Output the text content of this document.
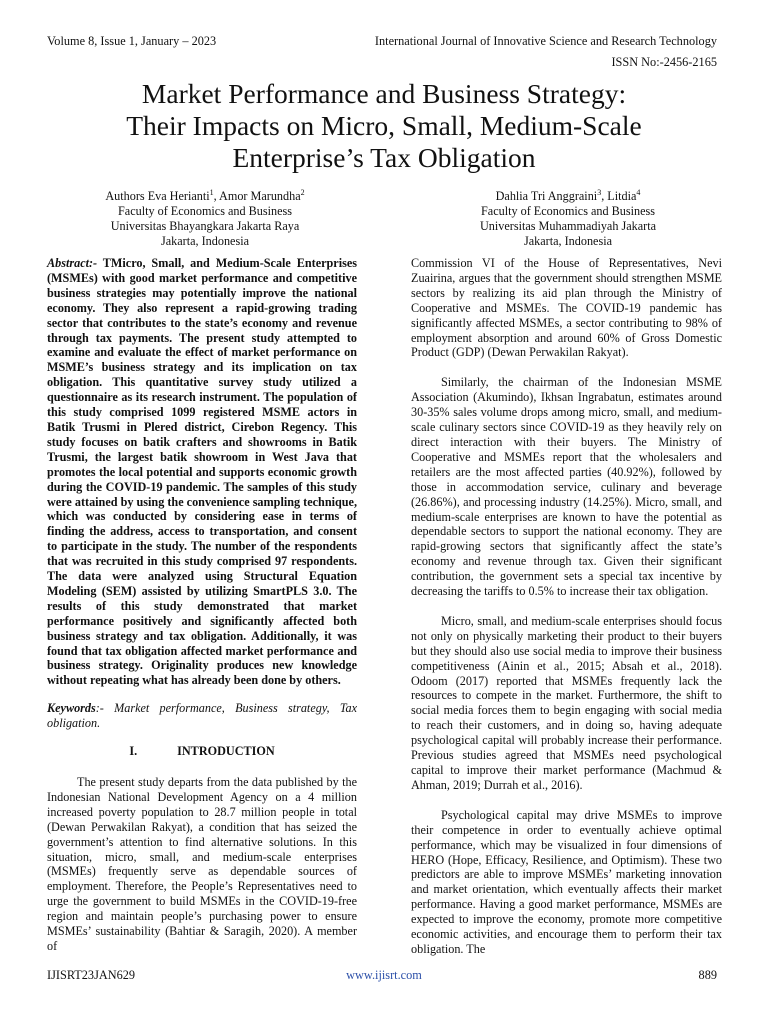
Volume 8, Issue 1, January – 2023	International Journal of Innovative Science and Research Technology
ISSN No:-2456-2165
Market Performance and Business Strategy:
Their Impacts on Micro, Small, Medium-Scale
Enterprise’s Tax Obligation
Authors Eva Herianti$^1$, Amor Marundha$^2$
Faculty of Economics and Business
Universitas Bhayangkara Jakarta Raya
Jakarta, Indonesia
Dahlia Tri Anggraini$^3$, Litdia$^4$
Faculty of Economics and Business
Universitas Muhammadiyah Jakarta
Jakarta, Indonesia

Abstract:- TMicro, Small, and Medium-Scale Enterprises (MSMEs) with good market performance and competitive business strategies may potentially improve the national economy. They also represent a rapid-growing trading sector that contributes to the state’s economy and revenue through tax payments. The present study attempted to examine and evaluate the effect of market performance on MSME’s business strategy and its implication on tax obligation. This quantitative survey study utilized a questionnaire as its research instrument. The population of this study comprised 1099 registered MSME actors in Batik Trusmi in Plered district, Cirebon Regency. This study focuses on batik crafters and showrooms in Batik Trusmi, the largest batik showroom in West Java that promotes the local potential and supports economic growth during the COVID-19 pandemic. The samples of this study were attained by using the convenience sampling technique, which was conducted by considering ease in terms of finding the address, access to transportation, and consent to participate in the study. The number of the respondents that was recruited in this study comprised 97 respondents. The data were analyzed using Structural Equation Modeling (SEM) assisted by utilizing SmartPLS 3.0. The results of this study demonstrated that market performance positively and significantly affected both business strategy and tax obligation. Additionally, it was found that tax obligation affected market performance and business strategy. Originality produces new knowledge without repeating what has already been done by others.

Keywords:- Market performance, Business strategy, Tax obligation.

I.	INTRODUCTION

The present study departs from the data published by the Indonesian National Development Agency on a 4 million increased poverty population to 28.7 million people in total (Dewan Perwakilan Rakyat), a condition that has seized the government’s attention to find alternative solutions. In this situation, micro, small, and medium-scale enterprises (MSMEs) frequently serve as dependable sources of employment. Therefore, the People’s Representatives need to urge the government to build MSMEs in the COVID-19-free region and maintain people’s purchasing power to ensure MSMEs’ sustainability (Bahtiar & Saragih, 2020). A member of

Commission VI of the House of Representatives, Nevi Zuairina, argues that the government should strengthen MSME sectors by realizing its aid plan through the Ministry of Cooperative and MSMEs. The COVID-19 pandemic has significantly affected MSMEs, a sector contributing to 98% of employment absorption and around 60% of Gross Domestic Product (GDP) (Dewan Perwakilan Rakyat).

Similarly, the chairman of the Indonesian MSME Association (Akumindo), Ikhsan Ingrabatun, estimates around 30-35% sales volume drops among micro, small, and medium-scale culinary sectors since COVID-19 as they heavily rely on direct interaction with their buyers. The Ministry of Cooperative and MSMEs report that the wholesalers and retailers are the most affected parties (40.92%), followed by those in accommodation service, culinary and beverage (26.86%), and processing industry (14.25%). Micro, small, and medium-scale enterprises are known to have the potential as dependable sectors to support the national economy. They are rapid-growing sectors that significantly affect the state’s economy and revenue through tax. Given their significant contribution, the government sets a special tax incentive by decreasing the tariffs to 0.5% to increase their tax obligation.

Micro, small, and medium-scale enterprises should focus not only on physically marketing their product to their buyers but they should also use social media to improve their business competitiveness (Ainin et al., 2015; Absah et al., 2018). Odoom (2017) reported that MSMEs frequently lack the resources to compete in the market. Furthermore, the shift to social media forces them to begin engaging with social media to reach their customers, and in doing so, having adequate psychological capital will probably increase their performance. Previous studies agreed that MSMEs need psychological capital to improve their market performance (Machmud & Ahman, 2019; Durrah et al., 2016).

Psychological capital may drive MSMEs to improve their competence in order to eventually achieve optimal performance, which may be visualized in four dimensions of HERO (Hope, Efficacy, Resilience, and Optimism). These two predictors are able to improve MSMEs’ marketing innovation and market orientation, which eventually affects their market performance. Having a good market performance, MSMEs are expected to improve the economy, promote more competitive economic activities, and encourage them to perform their tax obligation. The

IJISRT23JAN629	www.ijisrt.com	889
